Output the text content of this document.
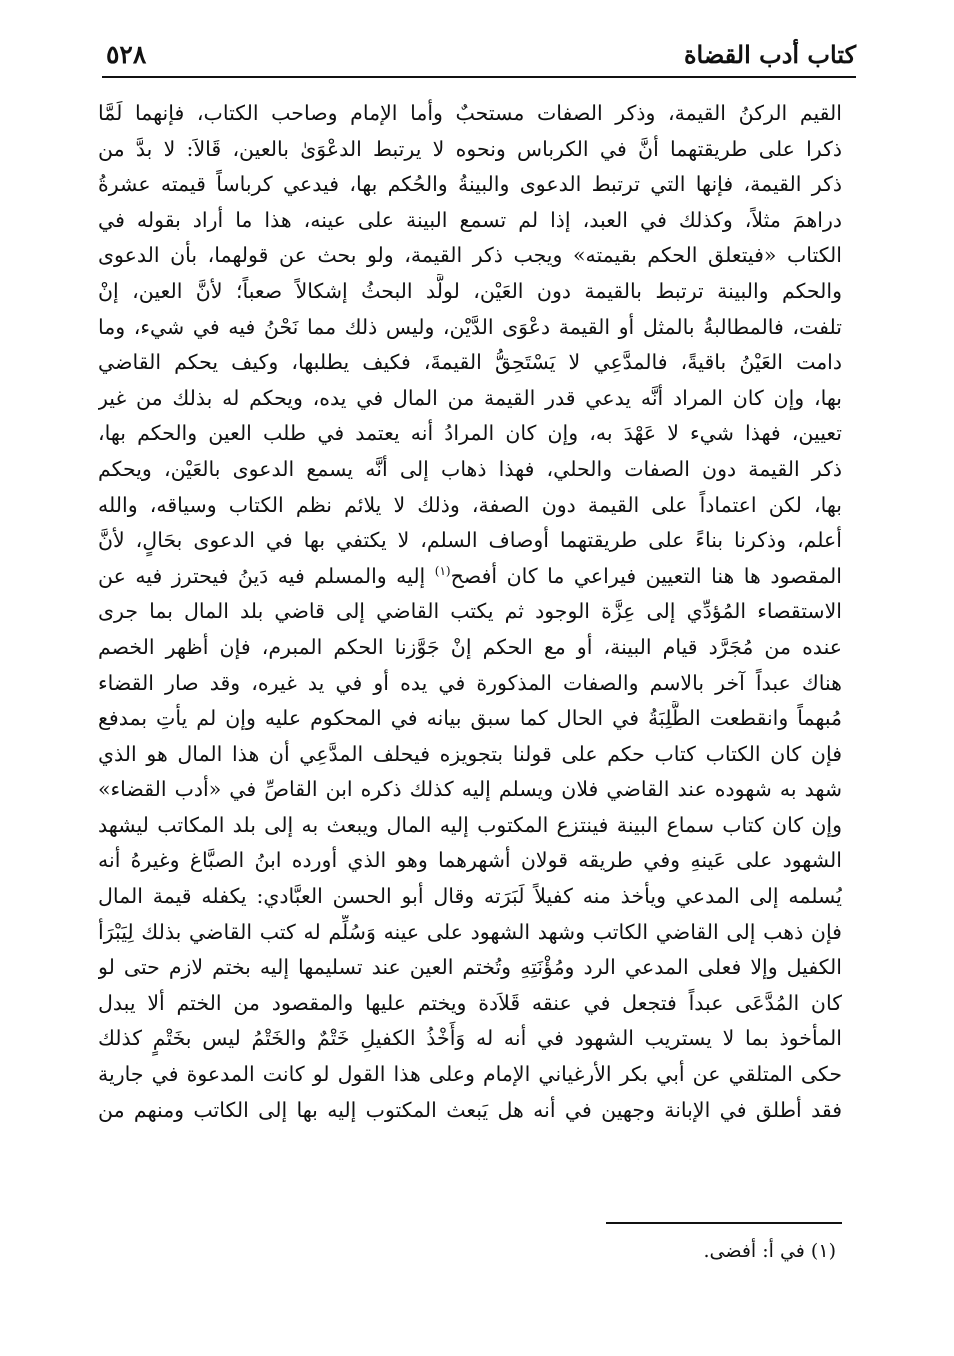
كتاب أدب القضاة
٥٢٨
القيم الركنُ القيمة، وذكر الصفات مستحبٌ وأما الإمام وصاحب الكتاب، فإنهما لَمَّا
ذكرا على طريقتهما أنَّ في الكرباس ونحوه لا يرتبط الدعْوَىٰ بالعين، قَالاَ: لا بدَّ من
ذكر القيمة، فإنها التي ترتبط الدعوى والبينةُ والحُكم بها، فيدعي كرباساً قيمته عشرةُ
دراهمَ مثلاً، وكذلك في العبد، إذا لم تسمع البينة على عينه، هذا ما أراد بقوله في
الكتاب «فيتعلق الحكم بقيمته» ويجب ذكر القيمة، ولو بحث عن قولهما، بأن الدعوى
والحكم والبينة ترتبط بالقيمة دون العَيْن، لولَّد البحثُ إشكالاً صعباً؛ لأنَّ العين، إنْ
تلفت، فالمطالبةُ بالمثل أو القيمة دعْوَى الدَّيْن، وليس ذلك مما نَحْنُ فيه في شيء، وما
دامت العَيْنُ باقيةً، فالمدَّعِي لا يَسْتَحِقُّ القيمةَ، فكيف يطلبها، وكيف يحكم القاضي
بها، وإن كان المراد أنَّه يدعي قدر القيمة من المال في يده، ويحكم له بذلك من غير
تعيين، فهذا شيء لا عَهْدَ به، وإن كان المرادُ أنه يعتمد في طلب العين والحكم بها،
ذكر القيمة دون الصفات والحلي، فهذا ذهاب إلى أنَّه يسمع الدعوى بالعَيْن، ويحكم
بها، لكن اعتماداً على القيمة دون الصفة، وذلك لا يلائم نظم الكتاب وسياقه، والله
أعلم، وذكرنا بناءً على طريقتهما أوصاف السلم، لا يكتفي بها في الدعوى بحَالٍ، لأنَّ
المقصود ها هنا التعيين فيراعي ما كان أفصح$^{(١)}$ إليه والمسلم فيه دَينُ فيحترز فيه عن
الاستقصاء المُؤدِّي إلى عِزَّة الوجود ثم يكتب القاضي إلى قاضي بلد المال بما جرى
عنده من مُجَرَّد قيام البينة، أو مع الحكم إنْ جَوَّزنا الحكم المبرم، فإن أظهر الخصم
هناك عبداً آخر بالاسم والصفات المذكورة في يده أو في يد غيره، وقد صار القضاء
مُبهماً وانقطعت الطَّلِبَةُ في الحال كما سبق بيانه في المحكوم عليه وإن لم يأتِ بمدفع
فإن كان الكتاب كتاب حكم على قولنا بتجويزه فيحلف المدَّعِي أن هذا المال هو الذي
شهد به شهوده عند القاضي فلان ويسلم إليه كذلك ذكره ابن القاصِّ في «أدب القضاء»
وإن كان كتاب سماع البينة فينتزع المكتوب إليه المال ويبعث به إلى بلد المكاتب ليشهد
الشهود على عَينهِ وفي طريقه قولان أشهرهما وهو الذي أورده ابنُ الصبَّاغ وغيرهُ أنه
يُسلمه إلى المدعي ويأخذ منه كفيلاً لَبَرَته وقال أبو الحسن العبَّادي: يكفله قيمة المال
فإن ذهب إلى القاضي الكاتب وشهد الشهود على عينه وَسُلِّم له كتب القاضي بذلك لِيَبْرَأ
الكفيل وإلا فعلى المدعي الرد ومُؤْنَتِهِ وتُختم العين عند تسليمها إليه بختم لازم حتى لو
كان المُدَّعَى عبداً فتجعل في عنقه قَلاَدة ويختم عليها والمقصود من الختم ألا يبدل
المأخوذ بما لا يستريب الشهود في أنه له وَأَخْذُ الكفيلِ خَتْمٌ والخَتْمُ ليس بخَتْمٍ كذلك
حكى المتلقي عن أبي بكر الأرغياني الإمام وعلى هذا القول لو كانت المدعوة في جارية
فقد أطلق في الإبانة وجهين في أنه هل يَبعث المكتوب إليه بها إلى الكاتب ومنهم من
(١) في أ: أفضى.
